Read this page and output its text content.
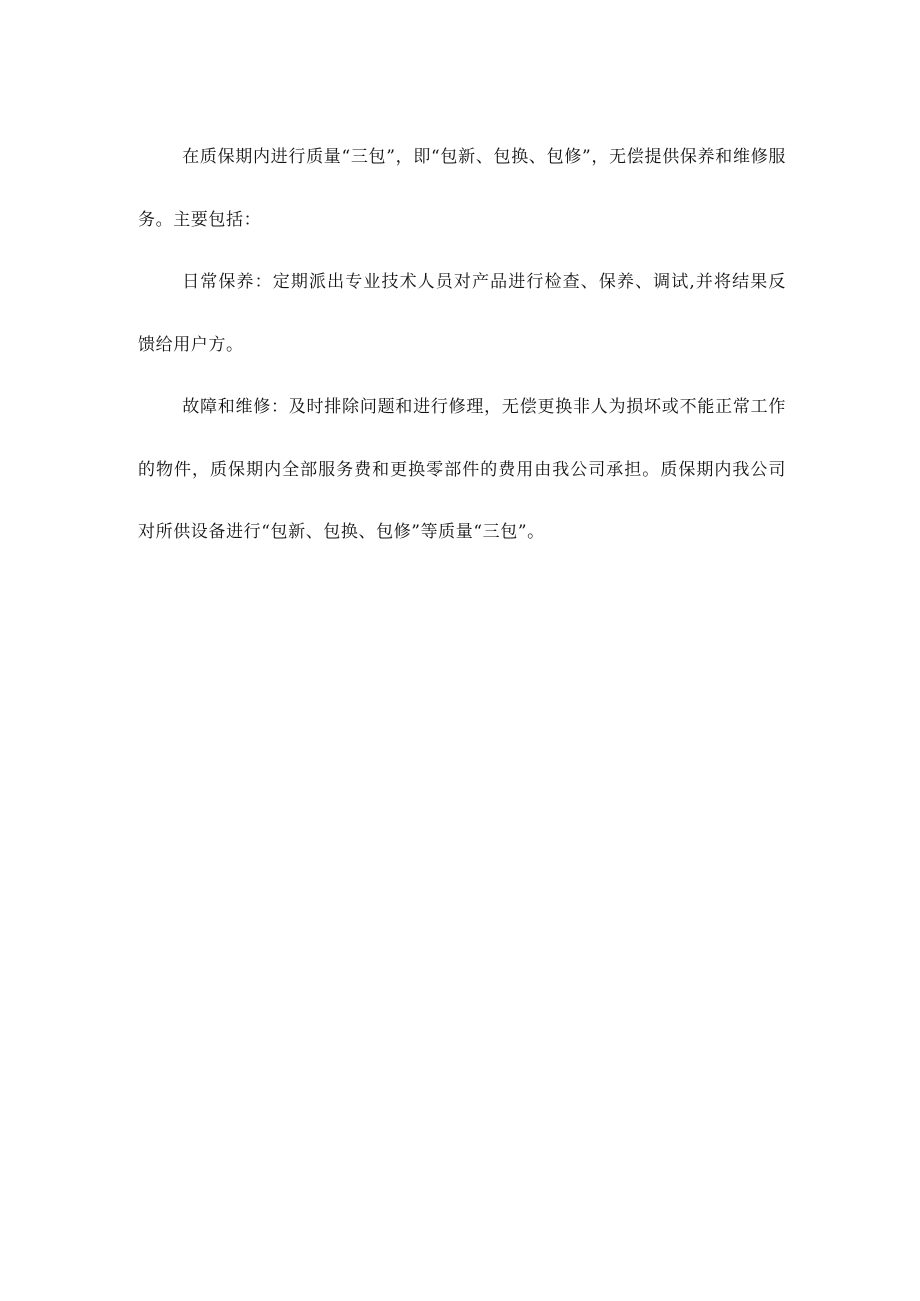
在质保期内进行质量“三包”，即“包新、包换、包修”，无偿提供保养和维修服务。主要包括：

日常保养：定期派出专业技术人员对产品进行检查、保养、调试,并将结果反馈给用户方。

故障和维修：及时排除问题和进行修理，无偿更换非人为损坏或不能正常工作的物件，质保期内全部服务费和更换零部件的费用由我公司承担。质保期内我公司对所供设备进行“包新、包换、包修”等质量“三包”。
